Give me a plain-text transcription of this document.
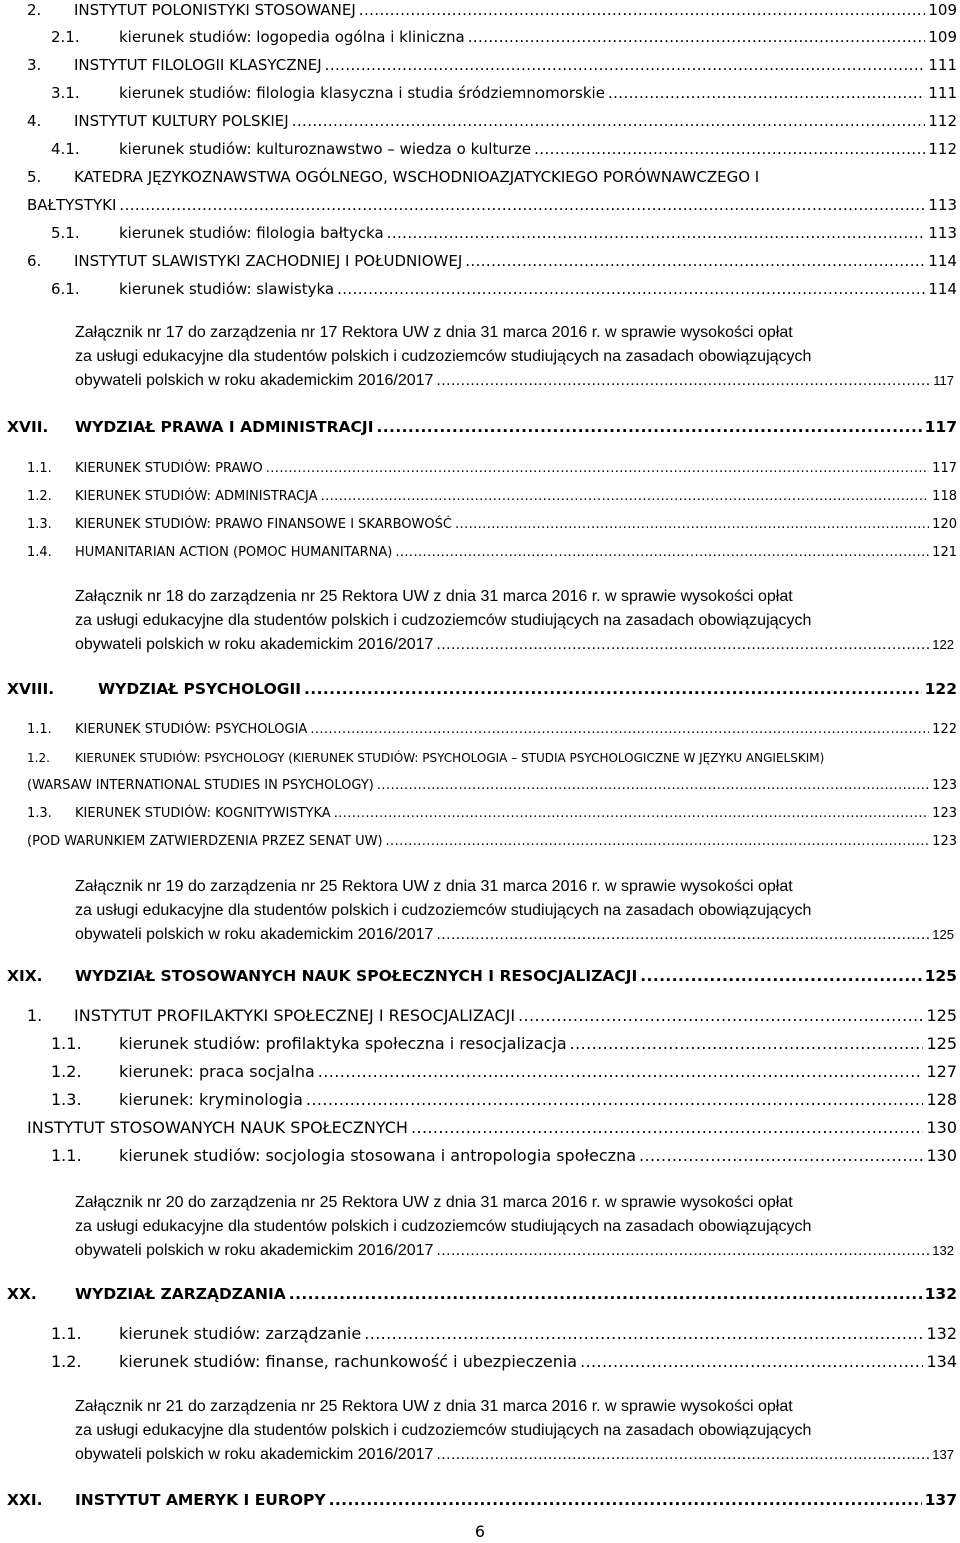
2.	INSTYTUT POLONISTYKI STOSOWANEJ .....	109
2.1.	kierunek studiów: logopedia ogólna i kliniczna .....	109
3.	INSTYTUT FILOLOGII KLASYCZNEJ .....	111
3.1.	kierunek studiów: filologia klasyczna i studia śródziemnomorskie .....	111
4.	INSTYTUT KULTURY POLSKIEJ .....	112
4.1.	kierunek studiów: kulturoznawstwo – wiedza o kulturze .....	112
5.	KATEDRA JĘZYKOZNAWSTWA OGÓLNEGO, WSCHODNIOAZJATYCKIEGO PORÓWNAWCZEGO I
BAŁTYSTYKI .....	113
5.1.	kierunek studiów: filologia bałtycka .....	113
6.	INSTYTUT SLAWISTYKI ZACHODNIEJ I POŁUDNIOWEJ .....	114
6.1.	kierunek studiów: slawistyka .....	114
Załącznik nr 17 do zarządzenia nr 17 Rektora UW z dnia 31 marca 2016 r. w sprawie wysokości opłat
za usługi edukacyjne dla studentów polskich i cudzoziemców studiujących na zasadach obowiązujących
obywateli polskich w roku akademickim 2016/2017 .....	117
XVII.	WYDZIAŁ PRAWA I ADMINISTRACJI .....	117
1.1.	KIERUNEK STUDIÓW: PRAWO .....	117
1.2.	KIERUNEK STUDIÓW: ADMINISTRACJA .....	118
1.3.	KIERUNEK STUDIÓW: PRAWO FINANSOWE I SKARBOWOŚĆ .....	120
1.4.	HUMANITARIAN ACTION (POMOC HUMANITARNA) .....	121
Załącznik nr 18 do zarządzenia nr 25 Rektora UW z dnia 31 marca 2016 r. w sprawie wysokości opłat
za usługi edukacyjne dla studentów polskich i cudzoziemców studiujących na zasadach obowiązujących
obywateli polskich w roku akademickim 2016/2017 .....	122
XVIII.	WYDZIAŁ PSYCHOLOGII .....	122
1.1.	KIERUNEK STUDIÓW: PSYCHOLOGIA .....	122
1.2.	KIERUNEK STUDIÓW: PSYCHOLOGY (KIERUNEK STUDIÓW: PSYCHOLOGIA – STUDIA PSYCHOLOGICZNE W JĘZYKU ANGIELSKIM)
(WARSAW INTERNATIONAL STUDIES IN PSYCHOLOGY) .....	123
1.3.	KIERUNEK STUDIÓW: KOGNITYWISTYKA .....	123
(POD WARUNKIEM ZATWIERDZENIA PRZEZ SENAT UW) .....	123
Załącznik nr 19 do zarządzenia nr 25 Rektora UW z dnia 31 marca 2016 r. w sprawie wysokości opłat
za usługi edukacyjne dla studentów polskich i cudzoziemców studiujących na zasadach obowiązujących
obywateli polskich w roku akademickim 2016/2017 .....	125
XIX.	WYDZIAŁ STOSOWANYCH NAUK SPOŁECZNYCH I RESOCJALIZACJI .....	125
1.	INSTYTUT PROFILAKTYKI SPOŁECZNEJ I RESOCJALIZACJI .....	125
1.1.	kierunek studiów: profilaktyka społeczna i resocjalizacja .....	125
1.2.	kierunek: praca socjalna .....	127
1.3.	kierunek: kryminologia .....	128
INSTYTUT STOSOWANYCH NAUK SPOŁECZNYCH .....	130
1.1.	kierunek studiów: socjologia stosowana i antropologia społeczna .....	130
Załącznik nr 20 do zarządzenia nr 25 Rektora UW z dnia 31 marca 2016 r. w sprawie wysokości opłat
za usługi edukacyjne dla studentów polskich i cudzoziemców studiujących na zasadach obowiązujących
obywateli polskich w roku akademickim 2016/2017 .....	132
XX.	WYDZIAŁ ZARZĄDZANIA .....	132
1.1.	kierunek studiów: zarządzanie .....	132
1.2.	kierunek studiów: finanse, rachunkowość i ubezpieczenia .....	134
Załącznik nr 21 do zarządzenia nr 25 Rektora UW z dnia 31 marca 2016 r. w sprawie wysokości opłat
za usługi edukacyjne dla studentów polskich i cudzoziemców studiujących na zasadach obowiązujących
obywateli polskich w roku akademickim 2016/2017 .....	137
XXI.	INSTYTUT AMERYK I EUROPY .....	137
6
